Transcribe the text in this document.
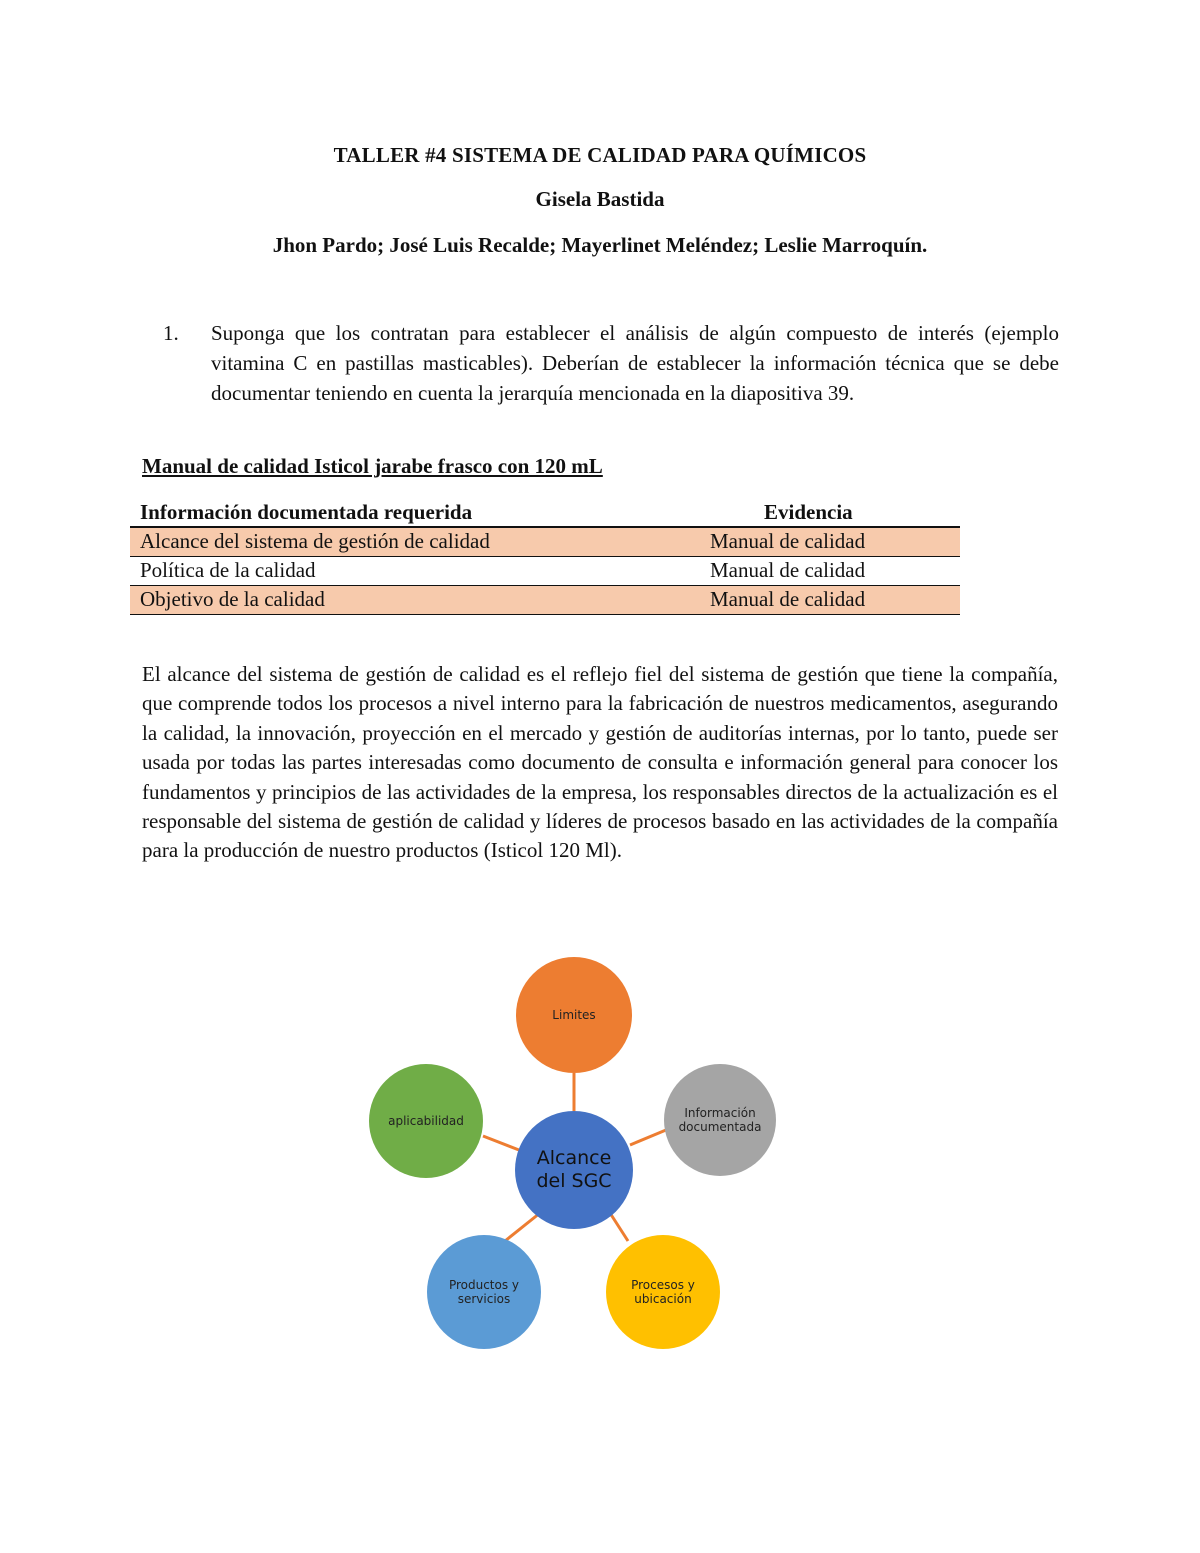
TALLER #4 SISTEMA DE CALIDAD PARA QUÍMICOS
Gisela Bastida
Jhon Pardo; José Luis Recalde; Mayerlinet Meléndez; Leslie Marroquín.
1.	Suponga que los contratan para establecer el análisis de algún compuesto de interés (ejemplo vitamina C en pastillas masticables). Deberían de establecer la información técnica que se debe documentar teniendo en cuenta la jerarquía mencionada en la diapositiva 39.
Manual de calidad Isticol jarabe frasco con 120 mL
Información documentada requerida	Evidencia
Alcance del sistema de gestión de calidad	Manual de calidad
Política de la calidad	Manual de calidad
Objetivo de la calidad	Manual de calidad
El alcance del sistema de gestión de calidad es el reflejo fiel del sistema de gestión que tiene la compañía, que comprende todos los procesos a nivel interno para la fabricación de nuestros medicamentos, asegurando la calidad, la innovación, proyección en el mercado y gestión de auditorías internas, por lo tanto, puede ser usada por todas las partes interesadas como documento de consulta e información general para conocer los fundamentos y principios de las actividades de la empresa, los responsables directos de la actualización es el responsable del sistema de gestión de calidad y líderes de procesos basado en las actividades de la compañía para la producción de nuestro productos (Isticol 120 Ml).
Limites
Información documentada
aplicabilidad
Alcance del SGC
Productos y servicios
Procesos y ubicación
